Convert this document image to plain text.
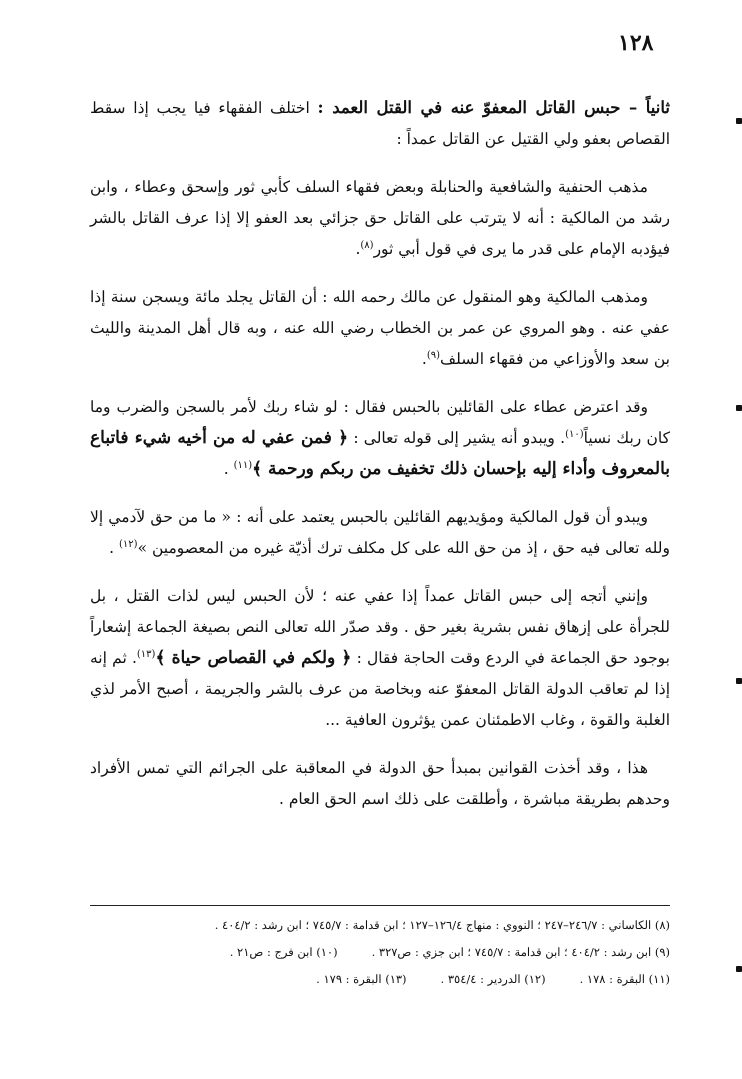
١٢٨

ثانياً – حبس القاتل المعفوّ عنه في القتل العمد : اختلف الفقهاء فيا يجب إذا سقط القصاص بعفو ولي القتيل عن القاتل عمداً :

مذهب الحنفية والشافعية والحنابلة وبعض فقهاء السلف كأبي ثور وإسحق وعطاء ، وابن رشد من المالكية : أنه لا يترتب على القاتل حق جزائي بعد العفو إلا إذا عرف القاتل بالشر فيؤدبه الإمام على قدر ما يرى في قول أبي ثور$^{(٨)}$.

ومذهب المالكية وهو المنقول عن مالك رحمه الله : أن القاتل يجلد مائة ويسجن سنة إذا عفي عنه . وهو المروي عن عمر بن الخطاب رضي الله عنه ، وبه قال أهل المدينة والليث بن سعد والأوزاعي من فقهاء السلف$^{(٩)}$.

وقد اعترض عطاء على القائلين بالحبس فقال : لو شاء ربك لأمر بالسجن والضرب وما كان ربك نسياً$^{(١٠)}$. ويبدو أنه يشير إلى قوله تعالى : ﴿ فمن عفي له من أخيه شيء فاتباع بالمعروف وأداء إليه بإحسان ذلك تخفيف من ربكم ورحمة ﴾$^{(١١)}$ .

ويبدو أن قول المالكية ومؤيديهم القائلين بالحبس يعتمد على أنه : « ما من حق لآدمي إلا ولله تعالى فيه حق ، إذ من حق الله على كل مكلف ترك أذيّة غيره من المعصومين »$^{(١٢)}$ .

وإنني أتجه إلى حبس القاتل عمداً إذا عفي عنه ؛ لأن الحبس ليس لذات القتل ، بل للجرأة على إزهاق نفس بشرية بغير حق . وقد صدّر الله تعالى النص بصيغة الجماعة إشعاراً بوجود حق الجماعة في الردع وقت الحاجة فقال : ﴿ ولكم في القصاص حياة ﴾$^{(١٣)}$. ثم إنه إذا لم تعاقب الدولة القاتل المعفوّ عنه وبخاصة من عرف بالشر والجريمة ، أصبح الأمر لذي الغلبة والقوة ، وغاب الاطمئنان عمن يؤثرون العافية ...

هذا ، وقد أخذت القوانين بمبدأ حق الدولة في المعاقبة على الجرائم التي تمس الأفراد وحدهم بطريقة مباشرة ، وأطلقت على ذلك اسم الحق العام .

(٨) الكاساني : ٢٤٦/٧–٢٤٧ ؛ النووي : منهاج ١٢٦/٤–١٢٧ ؛ ابن قدامة : ٧٤٥/٧ ؛ ابن رشد : ٤٠٤/٢ .
(٩) ابن رشد : ٤٠٤/٢ ؛ ابن قدامة : ٧٤٥/٧ ؛ ابن جزي : ص٣٢٧ .
(١٠) ابن فرج : ص٢١ .
(١١) البقرة : ١٧٨ .
(١٢) الدردير : ٣٥٤/٤ .
(١٣) البقرة : ١٧٩ .
